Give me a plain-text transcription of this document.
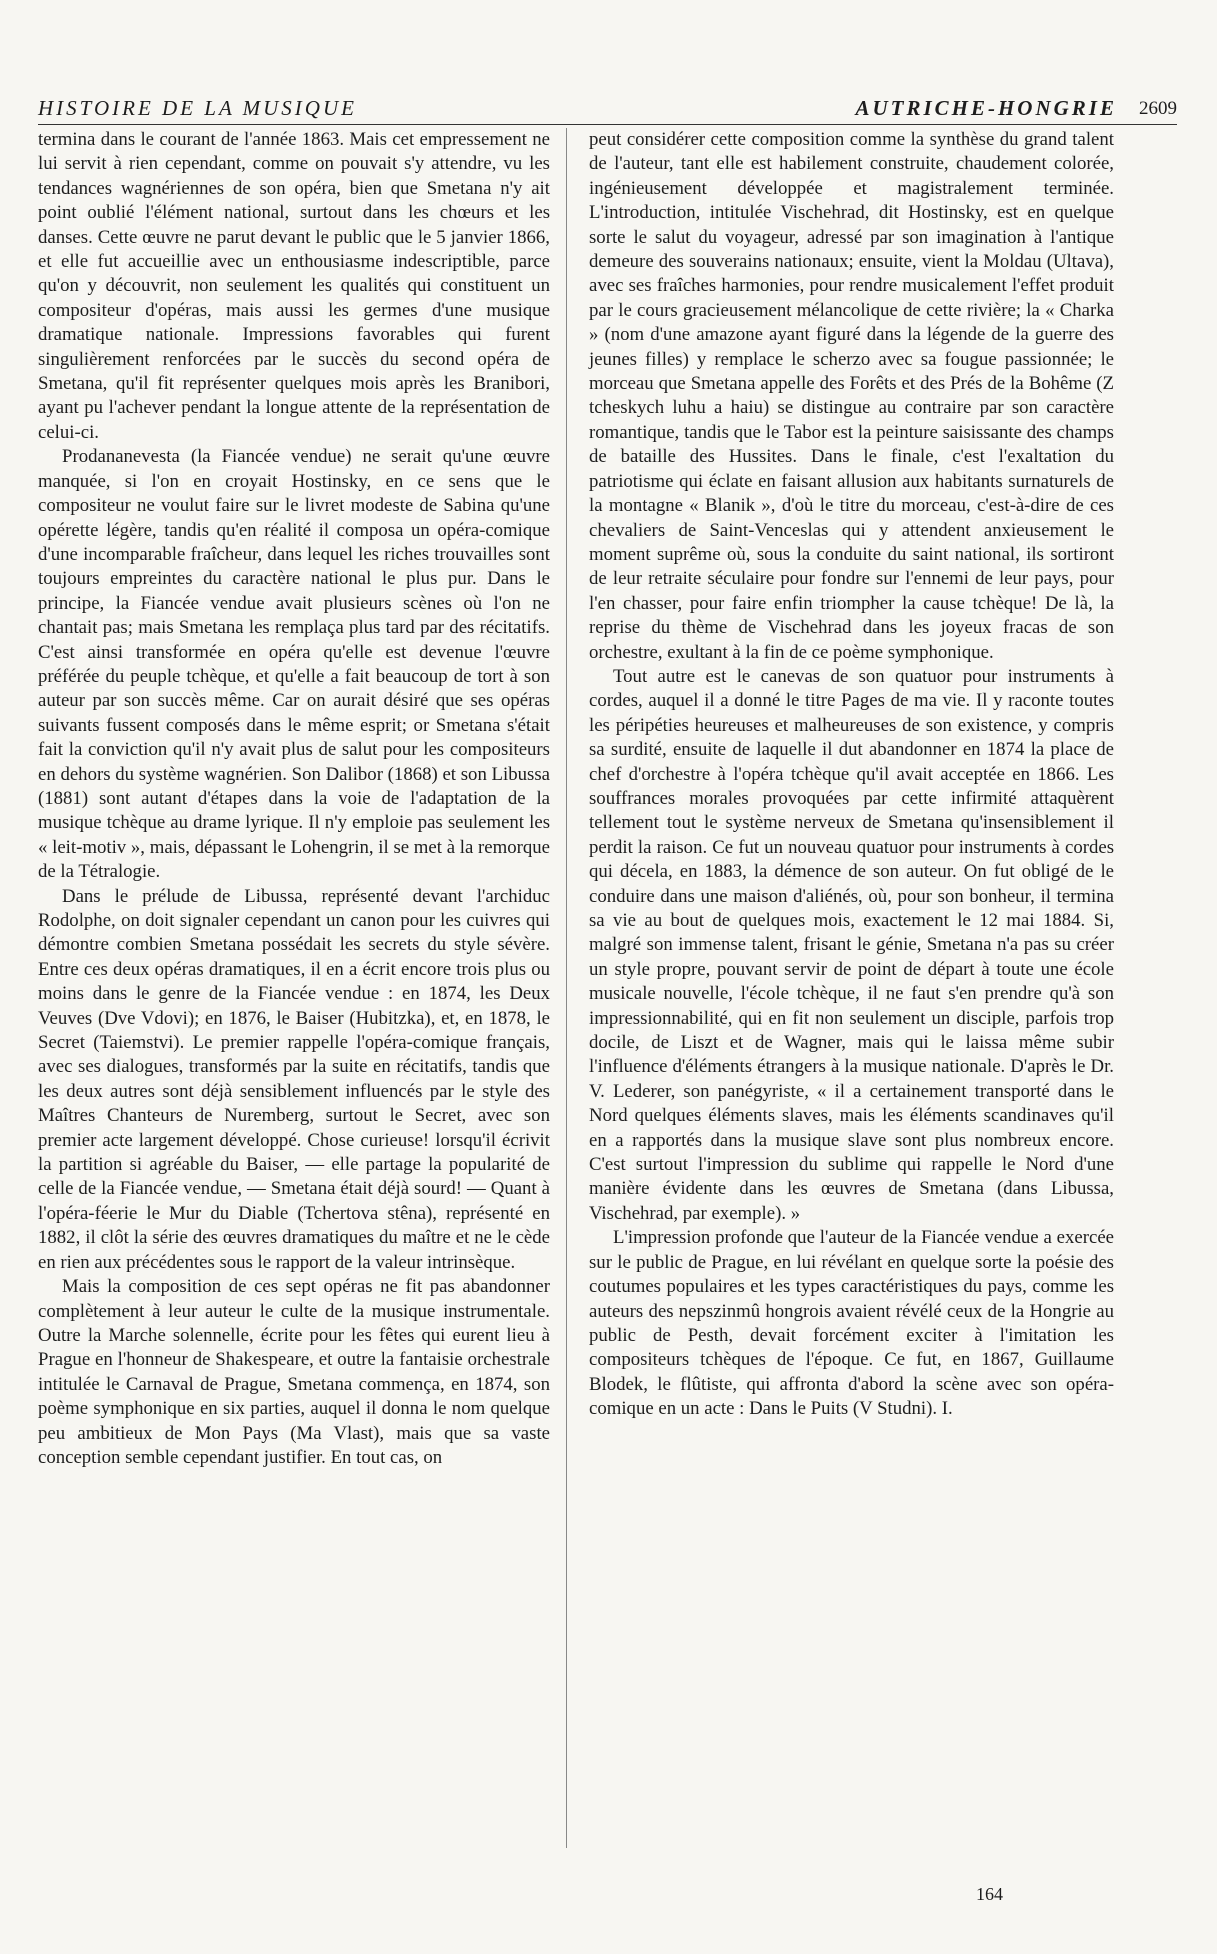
HISTOIRE DE LA MUSIQUE	AUTRICHE-HONGRIE 2609

termina dans le courant de l'année 1863. Mais cet empressement ne lui servit à rien cependant, comme on pouvait s'y attendre, vu les tendances wagnériennes de son opéra, bien que Smetana n'y ait point oublié l'élément national, surtout dans les chœurs et les danses. Cette œuvre ne parut devant le public que le 5 janvier 1866, et elle fut accueillie avec un enthousiasme indescriptible, parce qu'on y découvrit, non seulement les qualités qui constituent un compositeur d'opéras, mais aussi les germes d'une musique dramatique nationale. Impressions favorables qui furent singulièrement renforcées par le succès du second opéra de Smetana, qu'il fit représenter quelques mois après les Branibori, ayant pu l'achever pendant la longue attente de la représentation de celui-ci.

Prodananevesta (la Fiancée vendue) ne serait qu'une œuvre manquée, si l'on en croyait Hostinsky, en ce sens que le compositeur ne voulut faire sur le livret modeste de Sabina qu'une opérette légère, tandis qu'en réalité il composa un opéra-comique d'une incomparable fraîcheur, dans lequel les riches trouvailles sont toujours empreintes du caractère national le plus pur. Dans le principe, la Fiancée vendue avait plusieurs scènes où l'on ne chantait pas; mais Smetana les remplaça plus tard par des récitatifs. C'est ainsi transformée en opéra qu'elle est devenue l'œuvre préférée du peuple tchèque, et qu'elle a fait beaucoup de tort à son auteur par son succès même. Car on aurait désiré que ses opéras suivants fussent composés dans le même esprit; or Smetana s'était fait la conviction qu'il n'y avait plus de salut pour les compositeurs en dehors du système wagnérien. Son Dalibor (1868) et son Libussa (1881) sont autant d'étapes dans la voie de l'adaptation de la musique tchèque au drame lyrique. Il n'y emploie pas seulement les « leit-motiv », mais, dépassant le Lohengrin, il se met à la remorque de la Tétralogie.

Dans le prélude de Libussa, représenté devant l'archiduc Rodolphe, on doit signaler cependant un canon pour les cuivres qui démontre combien Smetana possédait les secrets du style sévère. Entre ces deux opéras dramatiques, il en a écrit encore trois plus ou moins dans le genre de la Fiancée vendue : en 1874, les Deux Veuves (Dve Vdovi); en 1876, le Baiser (Hubitzka), et, en 1878, le Secret (Taiemstvi). Le premier rappelle l'opéra-comique français, avec ses dialogues, transformés par la suite en récitatifs, tandis que les deux autres sont déjà sensiblement influencés par le style des Maîtres Chanteurs de Nuremberg, surtout le Secret, avec son premier acte largement développé. Chose curieuse! lorsqu'il écrivit la partition si agréable du Baiser, — elle partage la popularité de celle de la Fiancée vendue, — Smetana était déjà sourd! — Quant à l'opéra-féerie le Mur du Diable (Tchertova stêna), représenté en 1882, il clôt la série des œuvres dramatiques du maître et ne le cède en rien aux précédentes sous le rapport de la valeur intrinsèque.

Mais la composition de ces sept opéras ne fit pas abandonner complètement à leur auteur le culte de la musique instrumentale. Outre la Marche solennelle, écrite pour les fêtes qui eurent lieu à Prague en l'honneur de Shakespeare, et outre la fantaisie orchestrale intitulée le Carnaval de Prague, Smetana commença, en 1874, son poème symphonique en six parties, auquel il donna le nom quelque peu ambitieux de Mon Pays (Ma Vlast), mais que sa vaste conception semble cependant justifier. En tout cas, on

peut considérer cette composition comme la synthèse du grand talent de l'auteur, tant elle est habilement construite, chaudement colorée, ingénieusement développée et magistralement terminée. L'introduction, intitulée Vischehrad, dit Hostinsky, est en quelque sorte le salut du voyageur, adressé par son imagination à l'antique demeure des souverains nationaux; ensuite, vient la Moldau (Ultava), avec ses fraîches harmonies, pour rendre musicalement l'effet produit par le cours gracieusement mélancolique de cette rivière; la « Charka » (nom d'une amazone ayant figuré dans la légende de la guerre des jeunes filles) y remplace le scherzo avec sa fougue passionnée; le morceau que Smetana appelle des Forêts et des Prés de la Bohême (Z tcheskych luhu a haiu) se distingue au contraire par son caractère romantique, tandis que le Tabor est la peinture saisissante des champs de bataille des Hussites. Dans le finale, c'est l'exaltation du patriotisme qui éclate en faisant allusion aux habitants surnaturels de la montagne « Blanik », d'où le titre du morceau, c'est-à-dire de ces chevaliers de Saint-Venceslas qui y attendent anxieusement le moment suprême où, sous la conduite du saint national, ils sortiront de leur retraite séculaire pour fondre sur l'ennemi de leur pays, pour l'en chasser, pour faire enfin triompher la cause tchèque! De là, la reprise du thème de Vischehrad dans les joyeux fracas de son orchestre, exultant à la fin de ce poème symphonique.

Tout autre est le canevas de son quatuor pour instruments à cordes, auquel il a donné le titre Pages de ma vie. Il y raconte toutes les péripéties heureuses et malheureuses de son existence, y compris sa surdité, ensuite de laquelle il dut abandonner en 1874 la place de chef d'orchestre à l'opéra tchèque qu'il avait acceptée en 1866. Les souffrances morales provoquées par cette infirmité attaquèrent tellement tout le système nerveux de Smetana qu'insensiblement il perdit la raison. Ce fut un nouveau quatuor pour instruments à cordes qui décela, en 1883, la démence de son auteur. On fut obligé de le conduire dans une maison d'aliénés, où, pour son bonheur, il termina sa vie au bout de quelques mois, exactement le 12 mai 1884. Si, malgré son immense talent, frisant le génie, Smetana n'a pas su créer un style propre, pouvant servir de point de départ à toute une école musicale nouvelle, l'école tchèque, il ne faut s'en prendre qu'à son impressionnabilité, qui en fit non seulement un disciple, parfois trop docile, de Liszt et de Wagner, mais qui le laissa même subir l'influence d'éléments étrangers à la musique nationale. D'après le Dr. V. Lederer, son panégyriste, « il a certainement transporté dans le Nord quelques éléments slaves, mais les éléments scandinaves qu'il en a rapportés dans la musique slave sont plus nombreux encore. C'est surtout l'impression du sublime qui rappelle le Nord d'une manière évidente dans les œuvres de Smetana (dans Libussa, Vischehrad, par exemple). »

L'impression profonde que l'auteur de la Fiancée vendue a exercée sur le public de Prague, en lui révélant en quelque sorte la poésie des coutumes populaires et les types caractéristiques du pays, comme les auteurs des nepszinmû hongrois avaient révélé ceux de la Hongrie au public de Pesth, devait forcément exciter à l'imitation les compositeurs tchèques de l'époque. Ce fut, en 1867, Guillaume Blodek, le flûtiste, qui affronta d'abord la scène avec son opéra-comique en un acte : Dans le Puits (V Studni). I.

164
